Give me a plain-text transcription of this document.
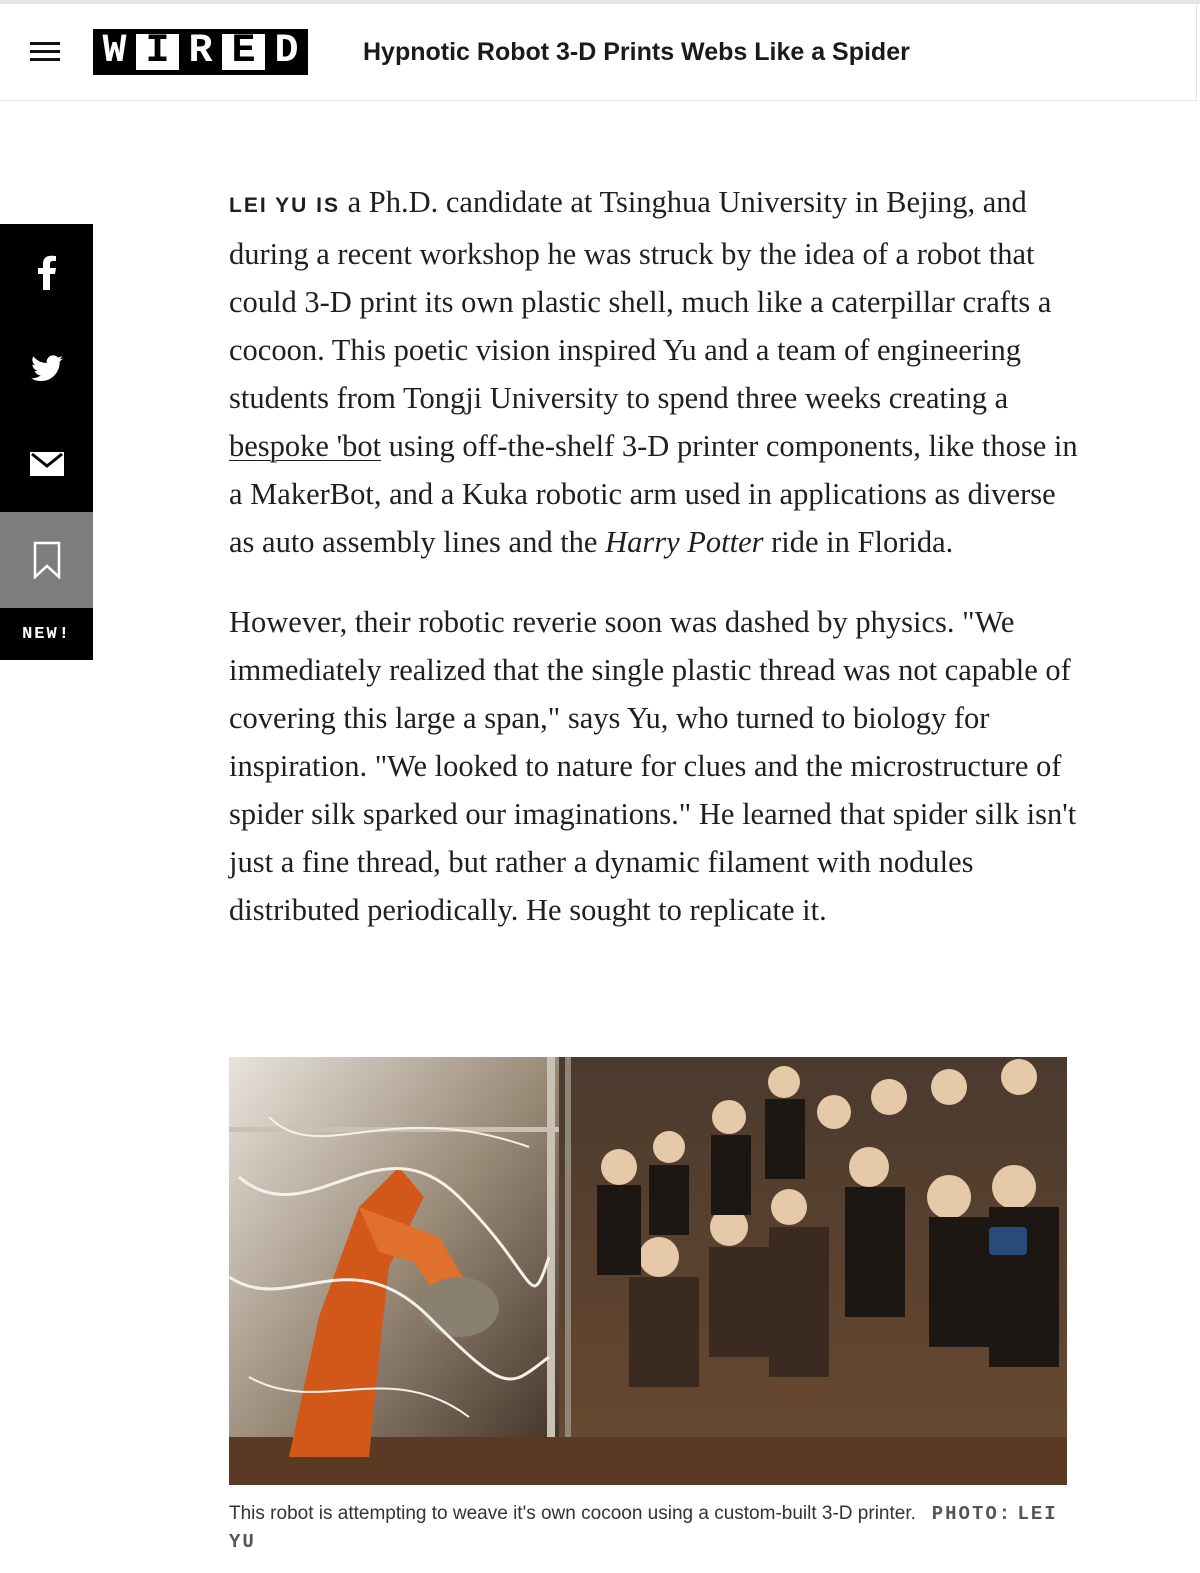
W I R E D	Hypnotic Robot 3-D Prints Webs Like a Spider
NEW!

LEI YU IS a Ph.D. candidate at Tsinghua University in Bejing, and during a recent workshop he was struck by the idea of a robot that could 3-D print its own plastic shell, much like a caterpillar crafts a cocoon. This poetic vision inspired Yu and a team of engineering students from Tongji University to spend three weeks creating a bespoke 'bot using off-the-shelf 3-D printer components, like those in a MakerBot, and a Kuka robotic arm used in applications as diverse as auto assembly lines and the Harry Potter ride in Florida.

However, their robotic reverie soon was dashed by physics. "We immediately realized that the single plastic thread was not capable of covering this large a span," says Yu, who turned to biology for inspiration. "We looked to nature for clues and the microstructure of spider silk sparked our imaginations." He learned that spider silk isn't just a fine thread, but rather a dynamic filament with nodules distributed periodically. He sought to replicate it.

This robot is attempting to weave it's own cocoon using a custom-built 3-D printer. PHOTO: LEI YU
